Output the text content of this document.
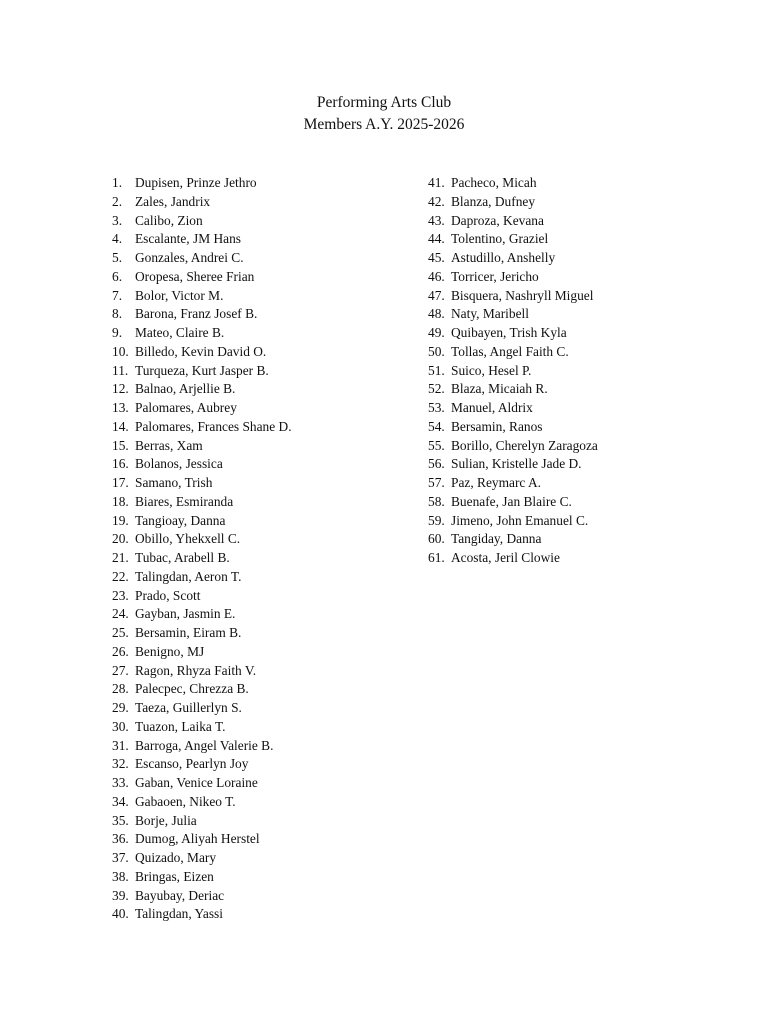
Performing Arts Club
Members A.Y. 2025-2026
1. Dupisen, Prinze Jethro
2. Zales, Jandrix
3. Calibo, Zion
4. Escalante, JM Hans
5. Gonzales, Andrei C.
6. Oropesa, Sheree Frian
7. Bolor, Victor M.
8. Barona, Franz Josef B.
9. Mateo, Claire B.
10. Billedo, Kevin David O.
11. Turqueza, Kurt Jasper B.
12. Balnao, Arjellie B.
13. Palomares, Aubrey
14. Palomares, Frances Shane D.
15. Berras, Xam
16. Bolanos, Jessica
17. Samano, Trish
18. Biares, Esmiranda
19. Tangioay, Danna
20. Obillo, Yhekxell C.
21. Tubac, Arabell B.
22. Talingdan, Aeron T.
23. Prado, Scott
24. Gayban, Jasmin E.
25. Bersamin, Eiram B.
26. Benigno, MJ
27. Ragon, Rhyza Faith V.
28. Palecpec, Chrezza B.
29. Taeza, Guillerlyn S.
30. Tuazon, Laika T.
31. Barroga, Angel Valerie B.
32. Escanso, Pearlyn Joy
33. Gaban, Venice Loraine
34. Gabaoen, Nikeo T.
35. Borje, Julia
36. Dumog, Aliyah Herstel
37. Quizado, Mary
38. Bringas, Eizen
39. Bayubay, Deriac
40. Talingdan, Yassi
41. Pacheco, Micah
42. Blanza, Dufney
43. Daproza, Kevana
44. Tolentino, Graziel
45. Astudillo, Anshelly
46. Torricer, Jericho
47. Bisquera, Nashryll Miguel
48. Naty, Maribell
49. Quibayen, Trish Kyla
50. Tollas, Angel Faith C.
51. Suico, Hesel P.
52. Blaza, Micaiah R.
53. Manuel, Aldrix
54. Bersamin, Ranos
55. Borillo, Cherelyn Zaragoza
56. Sulian, Kristelle Jade D.
57. Paz, Reymarc A.
58. Buenafe, Jan Blaire C.
59. Jimeno, John Emanuel C.
60. Tangiday, Danna
61. Acosta, Jeril Clowie
